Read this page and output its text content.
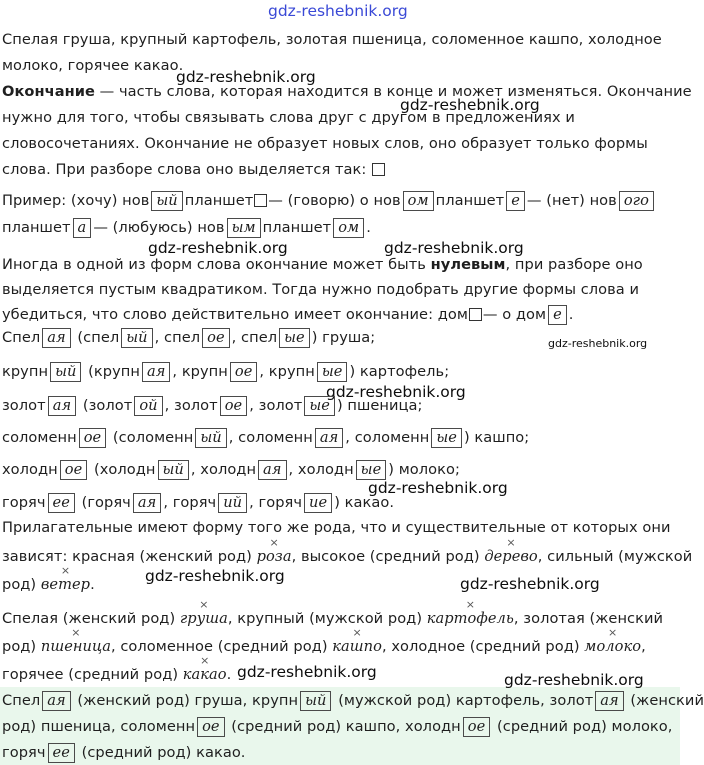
gdz-reshebnik.org
gdz-reshebnik.org
gdz-reshebnik.org
gdz-reshebnik.org	gdz-reshebnik.org
gdz-reshebnik.org
gdz-reshebnik.org
gdz-reshebnik.org
gdz-reshebnik.org	gdz-reshebnik.org
gdz-reshebnik.org	gdz-reshebnik.org
Спелая груша, крупный картофель, золотая пшеница, соломенное кашпо, холодное
молоко, горячее какао.
Окончание — часть слова, которая находится в конце и может изменяться. Окончание
нужно для того, чтобы связывать слова друг с другом в предложениях и
словосочетаниях. Окончание не образует новых слов, оно образует только формы
слова. При разборе слова оно выделяется так:
Пример: (хочу) нов ый планшет — (говорю) о нов ом планшет е — (нет) нов ого
планшет а — (любуюсь) нов ым планшет ом .
Иногда в одной из форм слова окончание может быть нулевым, при разборе оно
выделяется пустым квадратиком. Тогда нужно подобрать другие формы слова и
убедиться, что слово действительно имеет окончание: дом — о дом е .
Спел ая (спел ый , спел ое , спел ые ) груша;
крупн ый (крупн ая , крупн ое , крупн ые ) картофель;
золот ая (золот ой , золот ое , золот ые ) пшеница;
соломенн ое (соломенн ый , соломенн ая , соломенн ые ) кашпо;
холодн ое (холодн ый , холодн ая , холодн ые ) молоко;
горяч ее (горяч ая , горяч ий , горяч ие ) какао.
Прилагательные имеют форму того же рода, что и существительные от которых они
зависят: красная (женский род) роза
×
, высокое (средний род) дерево
×
, сильный (мужской
род) ветер
×
.
Спелая (женский род) груша
×
, крупный (мужской род) картофель
×
, золотая (женский
род) пшеница
×
, соломенное (средний род) кашпо
×
, холодное (средний род) молоко
×
,
горячее (средний род) какао
×
.
Спел ая (женский род) груша, крупн ый (мужской род) картофель, золот ая (женский
род) пшеница, соломенн ое (средний род) кашпо, холодн ое (средний род) молоко,
горяч ее (средний род) какао.
